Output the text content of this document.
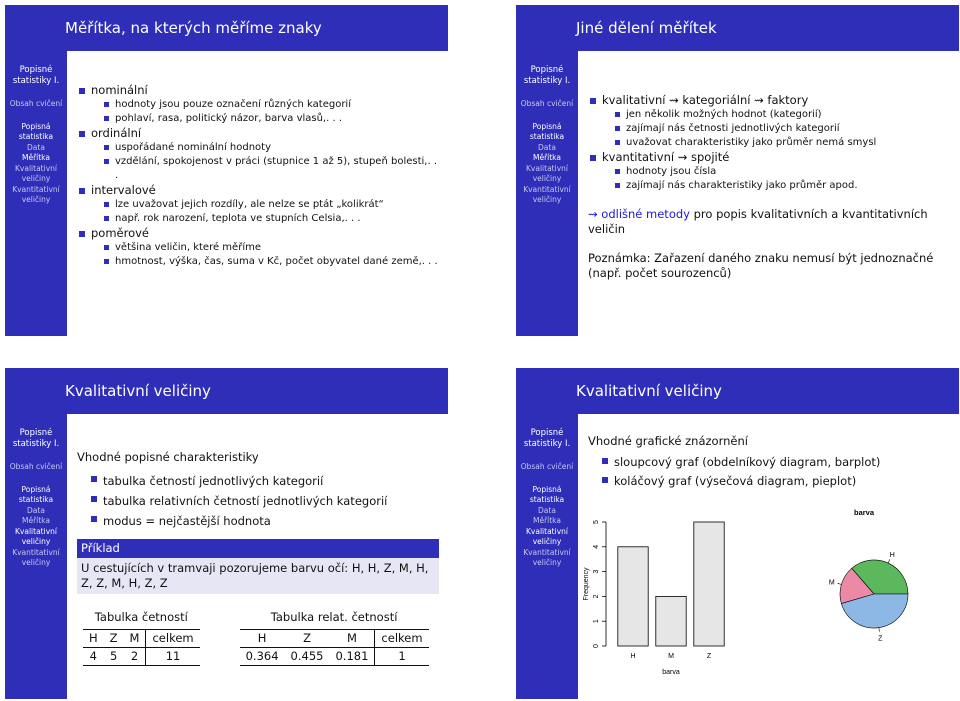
Měřítka, na kterých měříme znaky
Popisné
statistiky I.
Obsah cvičení
Popisná
statistika
Data
Měřítka
Kvalitativní
veličiny
Kvantitativní
veličiny
nominální
hodnoty jsou pouze označení různých kategorií
pohlaví, rasa, politický názor, barva vlasů,. . .
ordinální
uspořádané nominální hodnoty
vzdělání, spokojenost v práci (stupnice 1 až 5), stupeň bolesti,. . .
intervalové
lze uvažovat jejich rozdíly, ale nelze se ptát „kolikrát“
např. rok narození, teplota ve stupních Celsia,. . .
poměrové
většina veličin, které měříme
hmotnost, výška, čas, suma v Kč, počet obyvatel dané země,. . .
Jiné dělení měřítek
Popisné
statistiky I.
Obsah cvičení
Popisná
statistika
Data
Měřítka
Kvalitativní
veličiny
Kvantitativní
veličiny
kvalitativní ⇝ kategoriální ⇝ faktory
jen několik možných hodnot (kategorií)
zajímají nás četnosti jednotlivých kategorií
uvažovat charakteristiky jako průměr nemá smysl
kvantitativní ⇝ spojité
hodnoty jsou čísla
zajímají nás charakteristiky jako průměr apod.
⇝ odlišné metody pro popis kvalitativních a kvantitativních veličin
Poznámka: Zařazení daného znaku nemusí být jednoznačné (např. počet sourozenců)
Kvalitativní veličiny
Popisné
statistiky I.
Obsah cvičení
Popisná
statistika
Data
Měřítka
Kvalitativní
veličiny
Kvantitativní
veličiny
Vhodné popisné charakteristiky
tabulka četností jednotlivých kategorií
tabulka relativních četností jednotlivých kategorií
modus = nejčastější hodnota
Příklad
U cestujících v tramvaji pozorujeme barvu očí: H, H, Z, M, H, Z, Z, M, H, Z, Z
Tabulka četností
H	Z	M	celkem
4	5	2	11
Tabulka relat. četností
H	Z	M	celkem
0.364	0.455	0.181	1
Kvalitativní veličiny
Popisné
statistiky I.
Obsah cvičení
Popisná
statistika
Data
Měřítka
Kvalitativní
veličiny
Kvantitativní
veličiny
Vhodné grafické znázornění
sloupcový graf (obdelníkový diagram, barplot)
koláčový graf (výsečová diagram, pieplot)
0
1
2
3
4
5
Frequency
H	M	Z
barva
H
M
Z
barva
